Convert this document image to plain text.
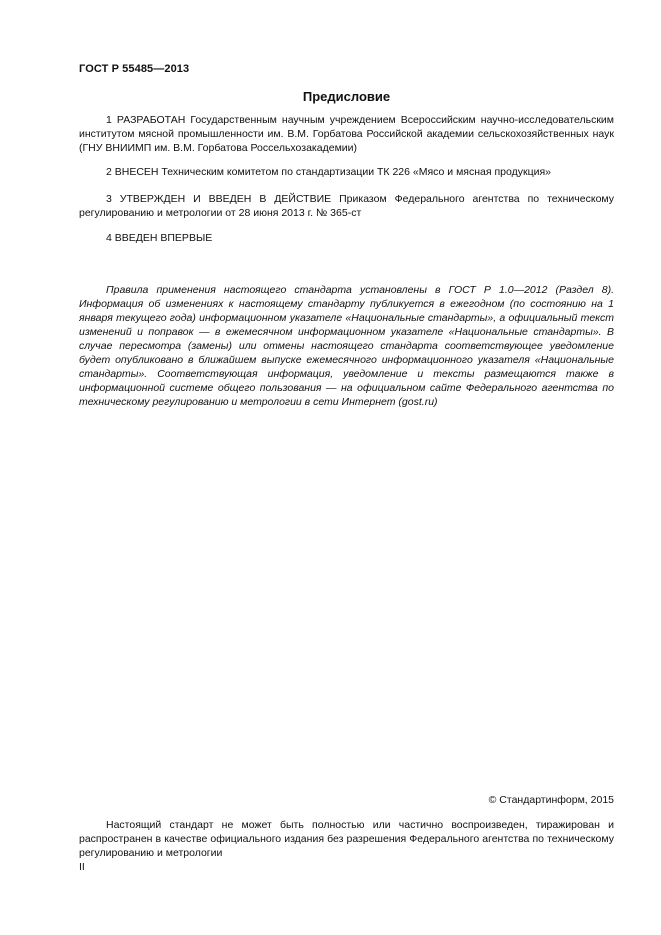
ГОСТ Р 55485—2013
Предисловие
1 РАЗРАБОТАН Государственным научным учреждением Всероссийским научно-исследовательским институтом мясной промышленности им. В.М. Горбатова Российской академии сельскохозяйственных наук (ГНУ ВНИИМП им. В.М. Горбатова Россельхозакадемии)
2 ВНЕСЕН Техническим комитетом по стандартизации ТК 226 «Мясо и мясная продукция»
3 УТВЕРЖДЕН И ВВЕДЕН В ДЕЙСТВИЕ Приказом Федерального агентства по техническому регулированию и метрологии от 28 июня 2013 г. № 365-ст
4 ВВЕДЕН ВПЕРВЫЕ
Правила применения настоящего стандарта установлены в ГОСТ Р 1.0—2012 (Раздел 8). Информация об изменениях к настоящему стандарту публикуется в ежегодном (по состоянию на 1 января текущего года) информационном указателе «Национальные стандарты», а официальный текст изменений и поправок — в ежемесячном информационном указателе «Национальные стандарты». В случае пересмотра (замены) или отмены настоящего стандарта соответствующее уведомление будет опубликовано в ближайшем выпуске ежемесячного информационного указателя «Национальные стандарты». Соответствующая информация, уведомление и тексты размещаются также в информационной системе общего пользования — на официальном сайте Федерального агентства по техническому регулированию и метрологии в сети Интернет (gost.ru)
© Стандартинформ, 2015
Настоящий стандарт не может быть полностью или частично воспроизведен, тиражирован и распространен в качестве официального издания без разрешения Федерального агентства по техническому регулированию и метрологии
II
